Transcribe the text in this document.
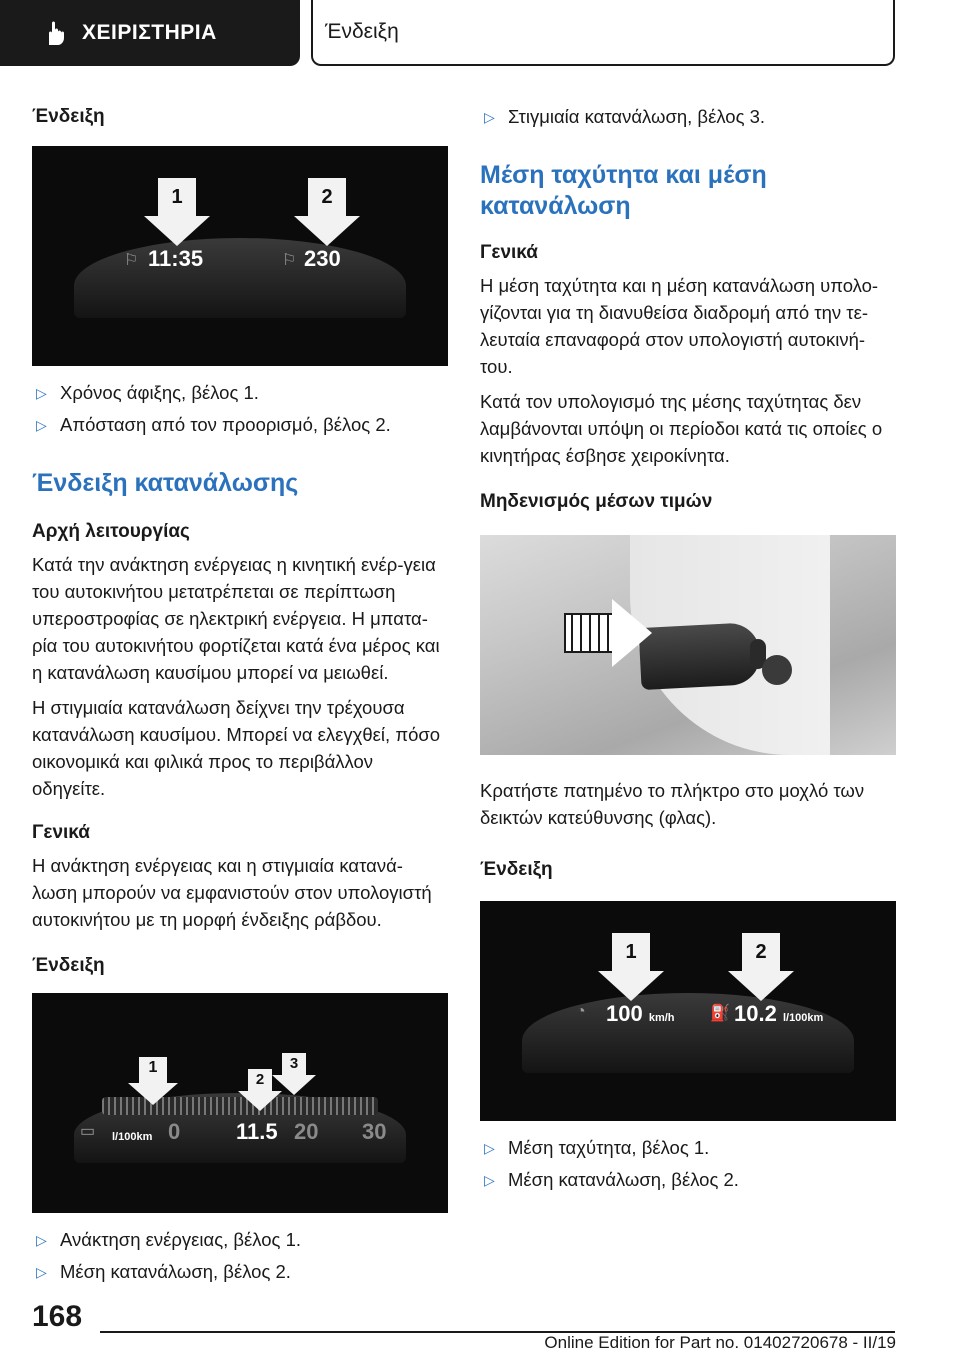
ΧΕΙΡΙΣΤΗΡΙΑ	Ένδειξη
Ένδειξη
1	2
⚐ 11:35	⚐ 230
▷ Χρόνος άφιξης, βέλος 1.
▷ Απόσταση από τον προορισμό, βέλος 2.
Ένδειξη κατανάλωσης
Αρχή λειτουργίας
Κατά την ανάκτηση ενέργειας η κινητική ενέρ-γεια του αυτοκινήτου μετατρέπεται σε περίπτωση υπεροστροφίας σε ηλεκτρική ενέργεια. Η μπατα-ρία του αυτοκινήτου φορτίζεται κατά ένα μέρος και η κατανάλωση καυσίμου μπορεί να μειωθεί.
Η στιγμιαία κατανάλωση δείχνει την τρέχουσα κατανάλωση καυσίμου. Μπορεί να ελεγχθεί, πόσο οικονομικά και φιλικά προς το περιβάλλον οδηγείτε.
Γενικά
Η ανάκτηση ενέργειας και η στιγμιαία κατανά-λωση μπορούν να εμφανιστούν στον υπολογιστή αυτοκινήτου με τη μορφή ένδειξης ράβδου.
Ένδειξη
1
2
3
▭ l/100km 0	11.5 20 30
▷ Ανάκτηση ενέργειας, βέλος 1.
▷ Μέση κατανάλωση, βέλος 2.
▷ Στιγμιαία κατανάλωση, βέλος 3.
Μέση ταχύτητα και μέση κατανάλωση
Γενικά
Η μέση ταχύτητα και η μέση κατανάλωση υπολο-γίζονται για τη διανυθείσα διαδρομή από την τε-λευταία επαναφορά στον υπολογιστή αυτοκινή-του.
Κατά τον υπολογισμό της μέσης ταχύτητας δεν λαμβάνονται υπόψη οι περίοδοι κατά τις οποίες ο κινητήρας έσβησε χειροκίνητα.
Μηδενισμός μέσων τιμών
Κρατήστε πατημένο το πλήκτρο στο μοχλό των δεικτών κατεύθυνσης (φλας).
Ένδειξη
1	2
◔ 100 km/h ⛽ 10.2 l/100km
▷ Μέση ταχύτητα, βέλος 1.
▷ Μέση κατανάλωση, βέλος 2.
168
Online Edition for Part no. 01402720678 - II/19
